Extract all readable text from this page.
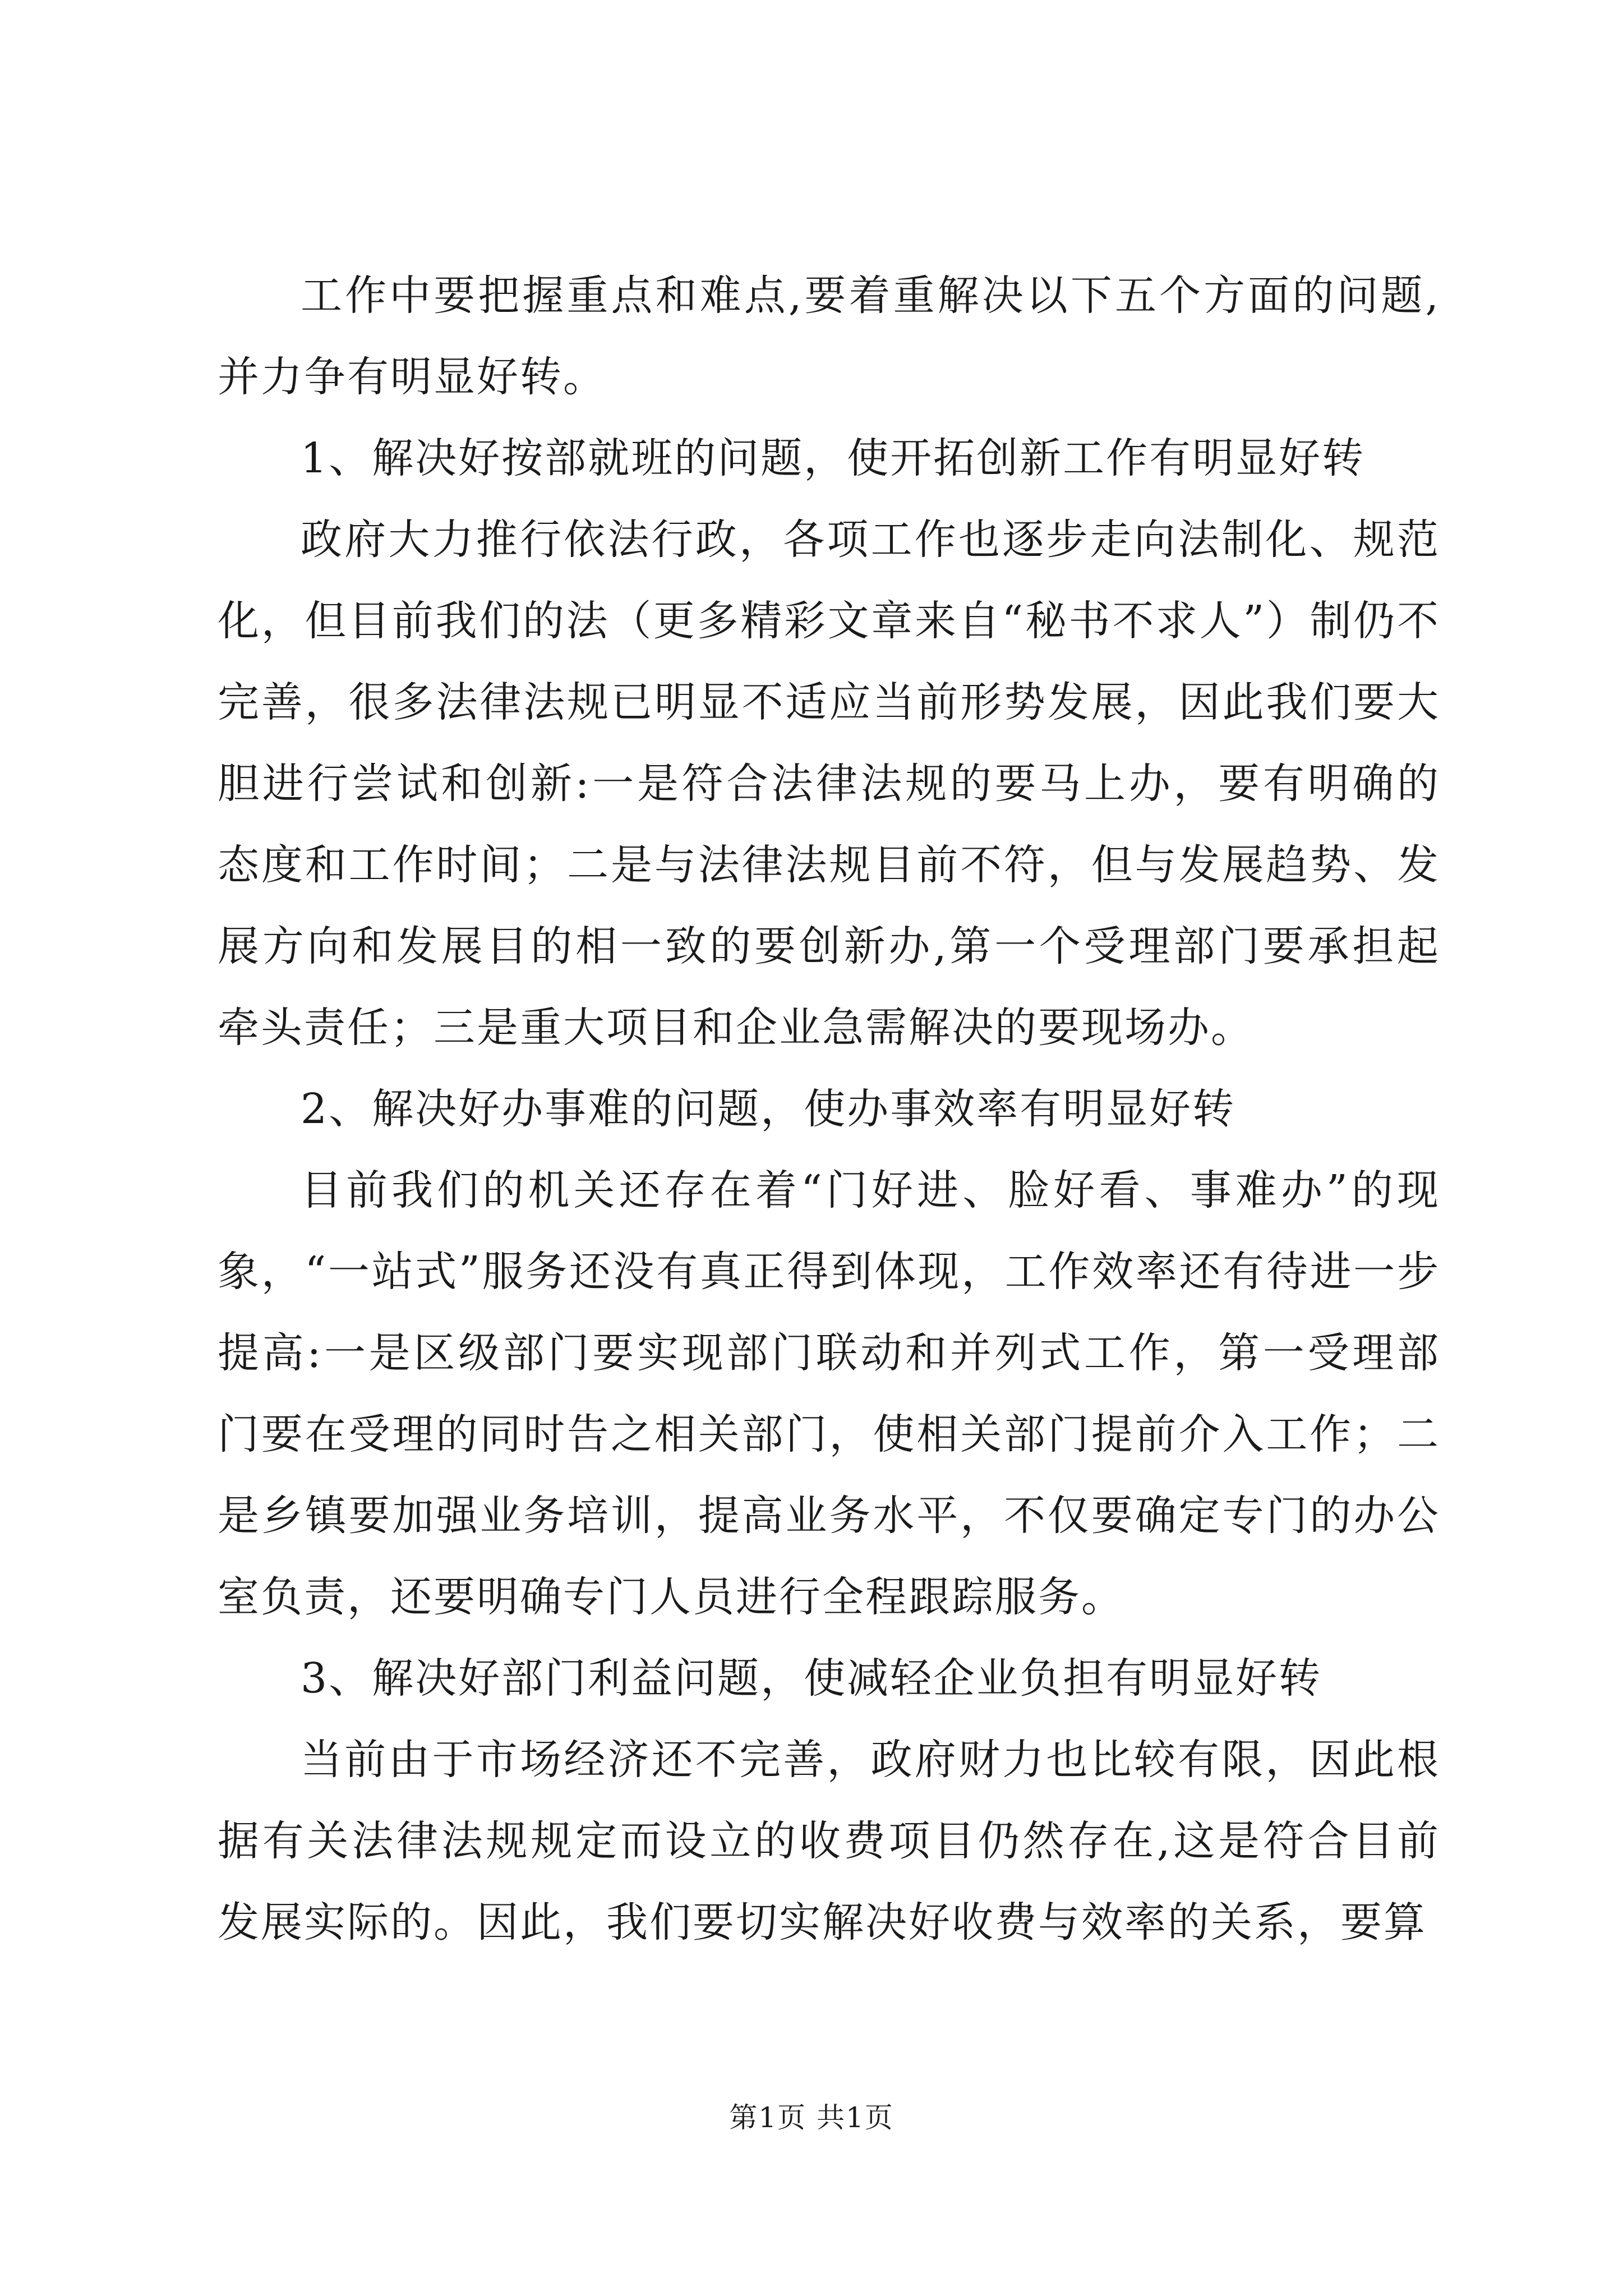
工作中要把握重点和难点,要着重解决以下五个方面的问题,并力争有明显好转。

1、解决好按部就班的问题，使开拓创新工作有明显好转

政府大力推行依法行政，各项工作也逐步走向法制化、规范化，但目前我们的法（更多精彩文章来自“秘书不求人”）制仍不完善，很多法律法规已明显不适应当前形势发展，因此我们要大胆进行尝试和创新:一是符合法律法规的要马上办，要有明确的态度和工作时间；二是与法律法规目前不符，但与发展趋势、发展方向和发展目的相一致的要创新办,第一个受理部门要承担起牵头责任；三是重大项目和企业急需解决的要现场办。

2、解决好办事难的问题，使办事效率有明显好转

目前我们的机关还存在着“门好进、脸好看、事难办”的现象，“一站式”服务还没有真正得到体现，工作效率还有待进一步提高:一是区级部门要实现部门联动和并列式工作，第一受理部门要在受理的同时告之相关部门，使相关部门提前介入工作；二是乡镇要加强业务培训，提高业务水平，不仅要确定专门的办公室负责，还要明确专门人员进行全程跟踪服务。

3、解决好部门利益问题，使减轻企业负担有明显好转

当前由于市场经济还不完善，政府财力也比较有限，因此根据有关法律法规规定而设立的收费项目仍然存在,这是符合目前发展实际的。因此，我们要切实解决好收费与效率的关系，要算

第1页 共1页
